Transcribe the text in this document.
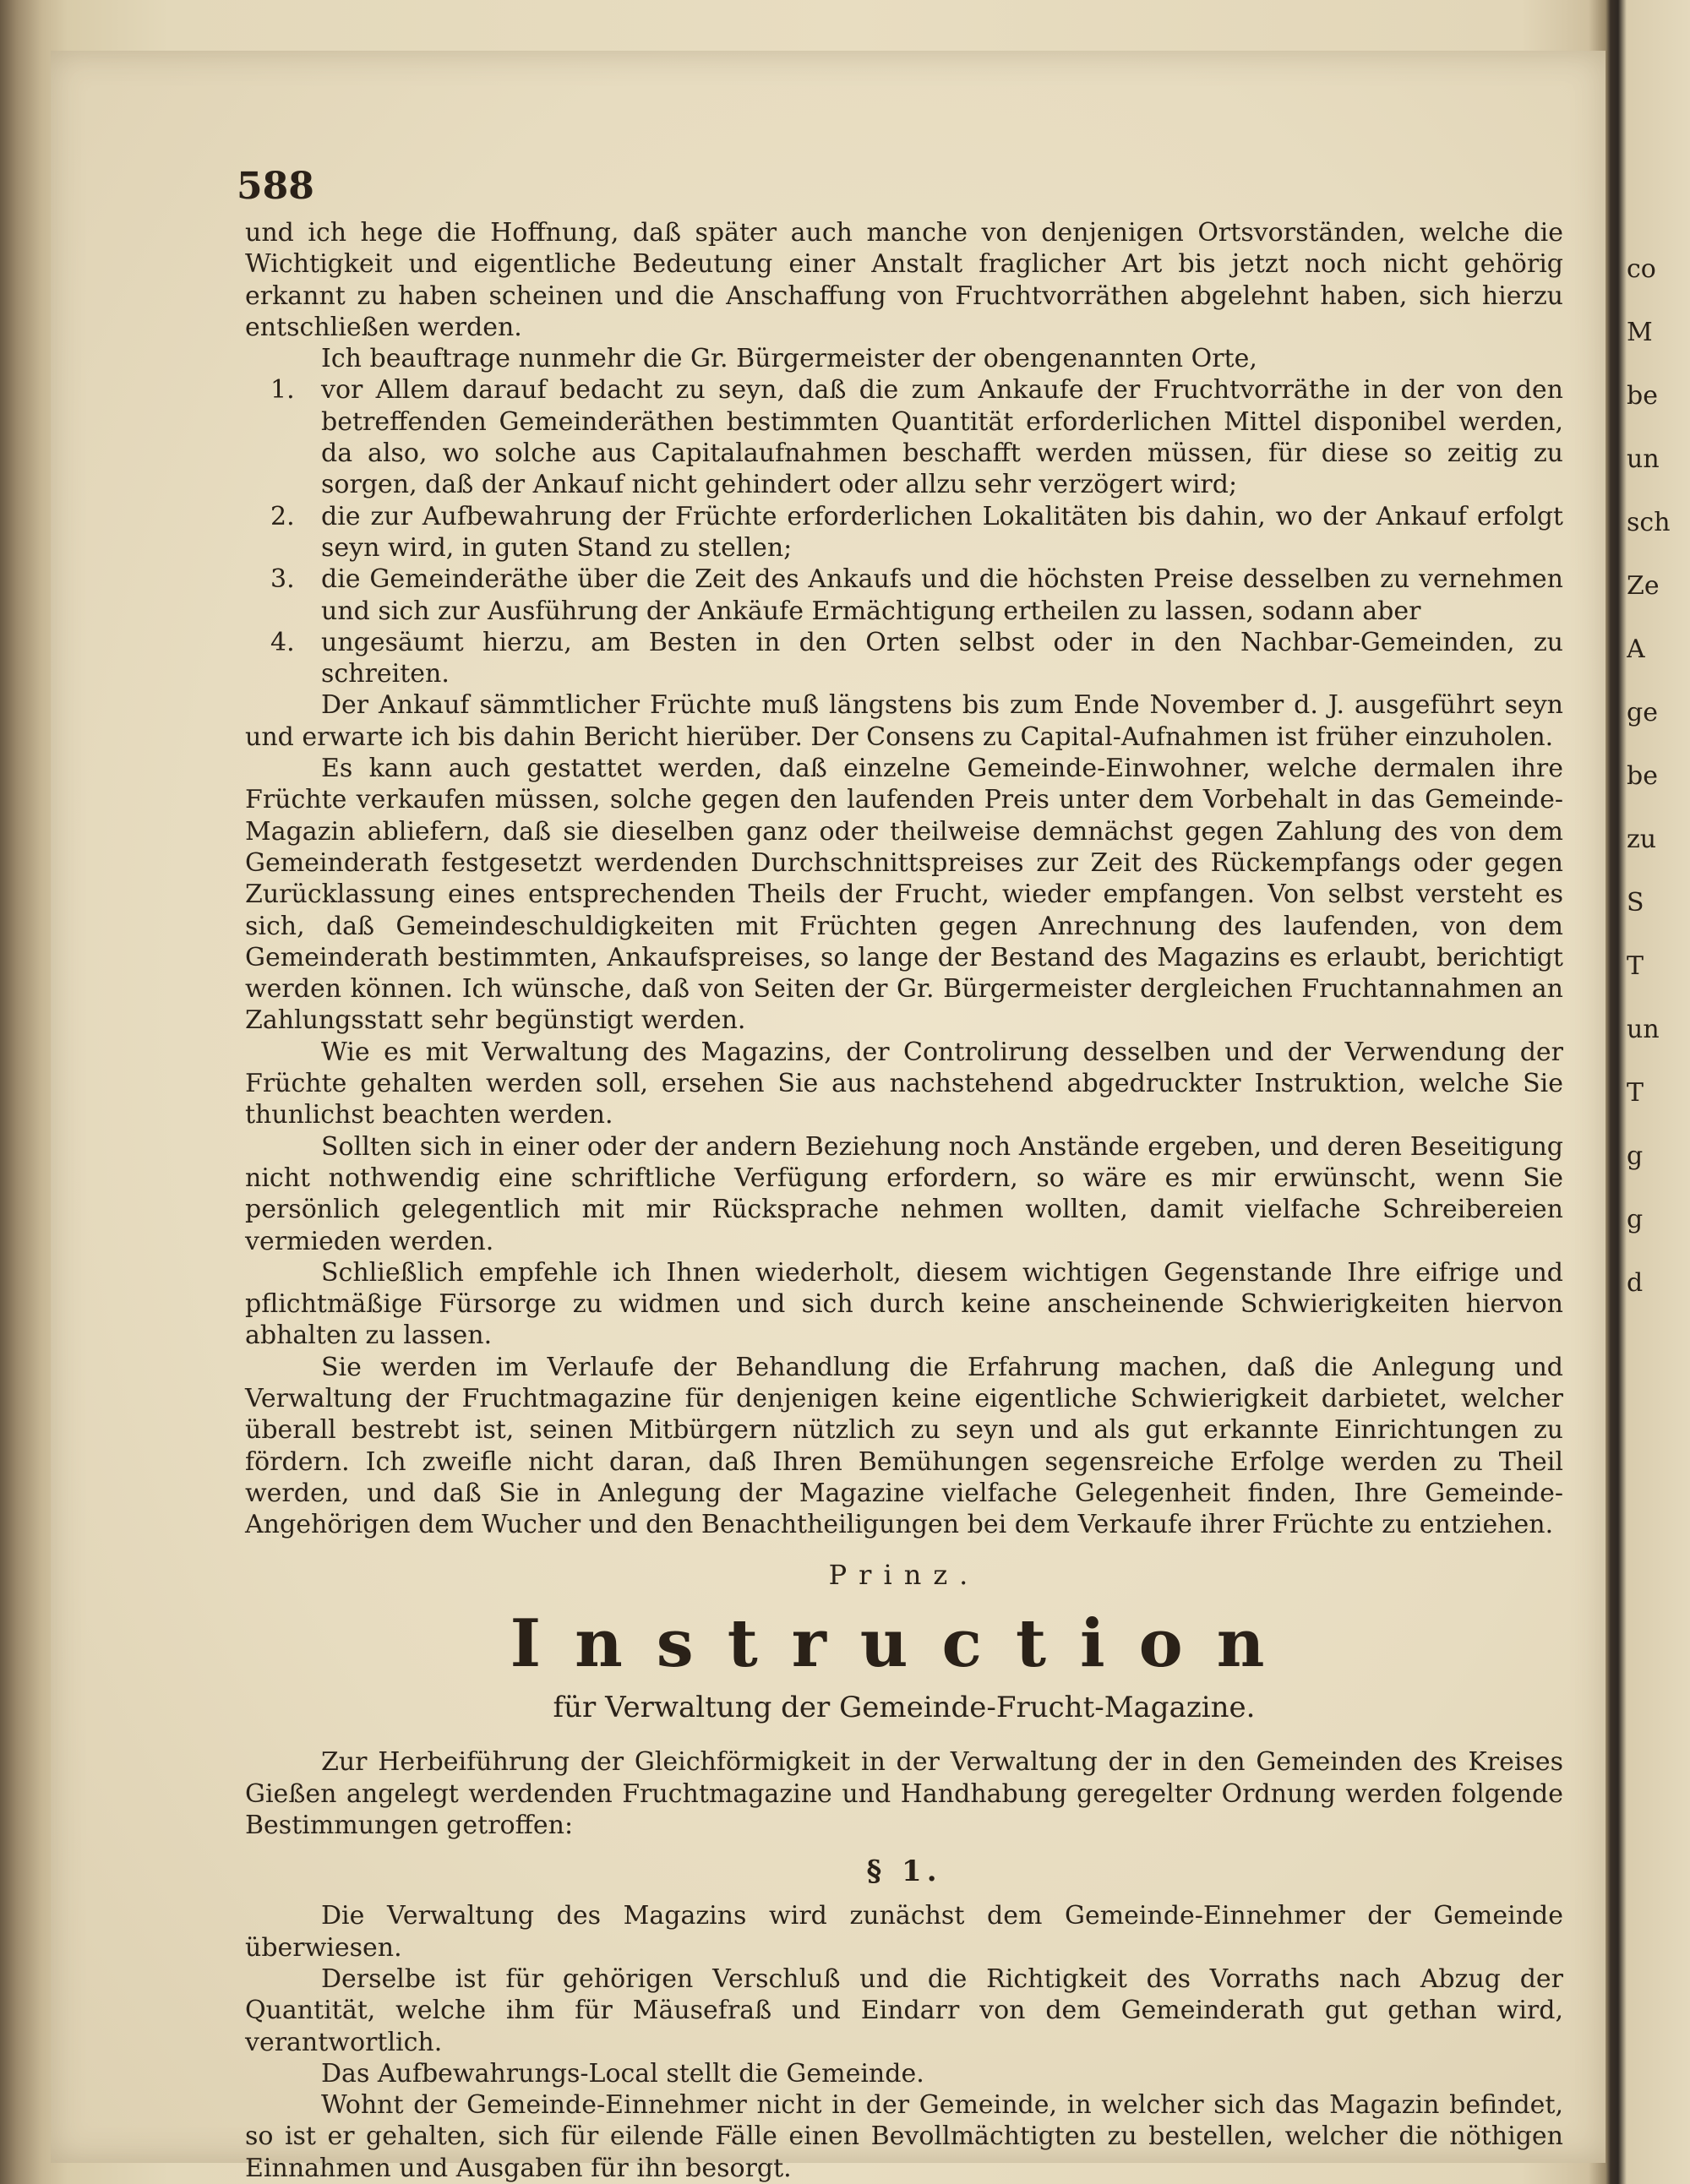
588

und ich hege die Hoffnung, daß später auch manche von denjenigen Ortsvorständen, welche die Wichtigkeit und eigentliche Bedeutung einer Anstalt fraglicher Art bis jetzt noch nicht gehörig erkannt zu haben scheinen und die Anschaffung von Fruchtvorräthen abgelehnt haben, sich hierzu entschließen werden.

Ich beauftrage nunmehr die Gr. Bürgermeister der obengenannten Orte,

1.	vor Allem darauf bedacht zu seyn, daß die zum Ankaufe der Fruchtvorräthe in der von den betreffenden Gemeinderäthen bestimmten Quantität erforderlichen Mittel disponibel werden, da also, wo solche aus Capitalaufnahmen beschafft werden müssen, für diese so zeitig zu sorgen, daß der Ankauf nicht gehindert oder allzu sehr verzögert wird;
2.	die zur Aufbewahrung der Früchte erforderlichen Lokalitäten bis dahin, wo der Ankauf erfolgt seyn wird, in guten Stand zu stellen;
3.	die Gemeinderäthe über die Zeit des Ankaufs und die höchsten Preise desselben zu vernehmen und sich zur Ausführung der Ankäufe Ermächtigung ertheilen zu lassen, sodann aber
4.	ungesäumt hierzu, am Besten in den Orten selbst oder in den Nachbar-Gemeinden, zu schreiten.

Der Ankauf sämmtlicher Früchte muß längstens bis zum Ende November d. J. ausgeführt seyn und erwarte ich bis dahin Bericht hierüber. Der Consens zu Capital-Aufnahmen ist früher einzuholen.

Es kann auch gestattet werden, daß einzelne Gemeinde-Einwohner, welche dermalen ihre Früchte verkaufen müssen, solche gegen den laufenden Preis unter dem Vorbehalt in das Gemeinde-Magazin abliefern, daß sie dieselben ganz oder theilweise demnächst gegen Zahlung des von dem Gemeinderath festgesetzt werdenden Durchschnittspreises zur Zeit des Rückempfangs oder gegen Zurücklassung eines entsprechenden Theils der Frucht, wieder empfangen. Von selbst versteht es sich, daß Gemeindeschuldigkeiten mit Früchten gegen Anrechnung des laufenden, von dem Gemeinderath bestimmten, Ankaufspreises, so lange der Bestand des Magazins es erlaubt, berichtigt werden können. Ich wünsche, daß von Seiten der Gr. Bürgermeister dergleichen Fruchtannahmen an Zahlungsstatt sehr begünstigt werden.

Wie es mit Verwaltung des Magazins, der Controlirung desselben und der Verwendung der Früchte gehalten werden soll, ersehen Sie aus nachstehend abgedruckter Instruktion, welche Sie thunlichst beachten werden.

Sollten sich in einer oder der andern Beziehung noch Anstände ergeben, und deren Beseitigung nicht nothwendig eine schriftliche Verfügung erfordern, so wäre es mir erwünscht, wenn Sie persönlich gelegentlich mit mir Rücksprache nehmen wollten, damit vielfache Schreibereien vermieden werden.

Schließlich empfehle ich Ihnen wiederholt, diesem wichtigen Gegenstande Ihre eifrige und pflichtmäßige Fürsorge zu widmen und sich durch keine anscheinende Schwierigkeiten hiervon abhalten zu lassen.

Sie werden im Verlaufe der Behandlung die Erfahrung machen, daß die Anlegung und Verwaltung der Fruchtmagazine für denjenigen keine eigentliche Schwierigkeit darbietet, welcher überall bestrebt ist, seinen Mitbürgern nützlich zu seyn und als gut erkannte Einrichtungen zu fördern. Ich zweifle nicht daran, daß Ihren Bemühungen segensreiche Erfolge werden zu Theil werden, und daß Sie in Anlegung der Magazine vielfache Gelegenheit finden, Ihre Gemeinde-Angehörigen dem Wucher und den Benachtheiligungen bei dem Verkaufe ihrer Früchte zu entziehen.

Prinz.
Instruction
für Verwaltung der Gemeinde-Frucht-Magazine.

Zur Herbeiführung der Gleichförmigkeit in der Verwaltung der in den Gemeinden des Kreises Gießen angelegt werdenden Fruchtmagazine und Handhabung geregelter Ordnung werden folgende Bestimmungen getroffen:

§ 1.

Die Verwaltung des Magazins wird zunächst dem Gemeinde-Einnehmer der Gemeinde überwiesen.

Derselbe ist für gehörigen Verschluß und die Richtigkeit des Vorraths nach Abzug der Quantität, welche ihm für Mäusefraß und Eindarr von dem Gemeinderath gut gethan wird, verantwortlich.

Das Aufbewahrungs-Local stellt die Gemeinde.

Wohnt der Gemeinde-Einnehmer nicht in der Gemeinde, in welcher sich das Magazin befindet, so ist er gehalten, sich für eilende Fälle einen Bevollmächtigten zu bestellen, welcher die nöthigen Einnahmen und Ausgaben für ihn besorgt.

co
M
be
un
sch
Ze
A
ge
be
zu
S
T
un
T
g
g
d
